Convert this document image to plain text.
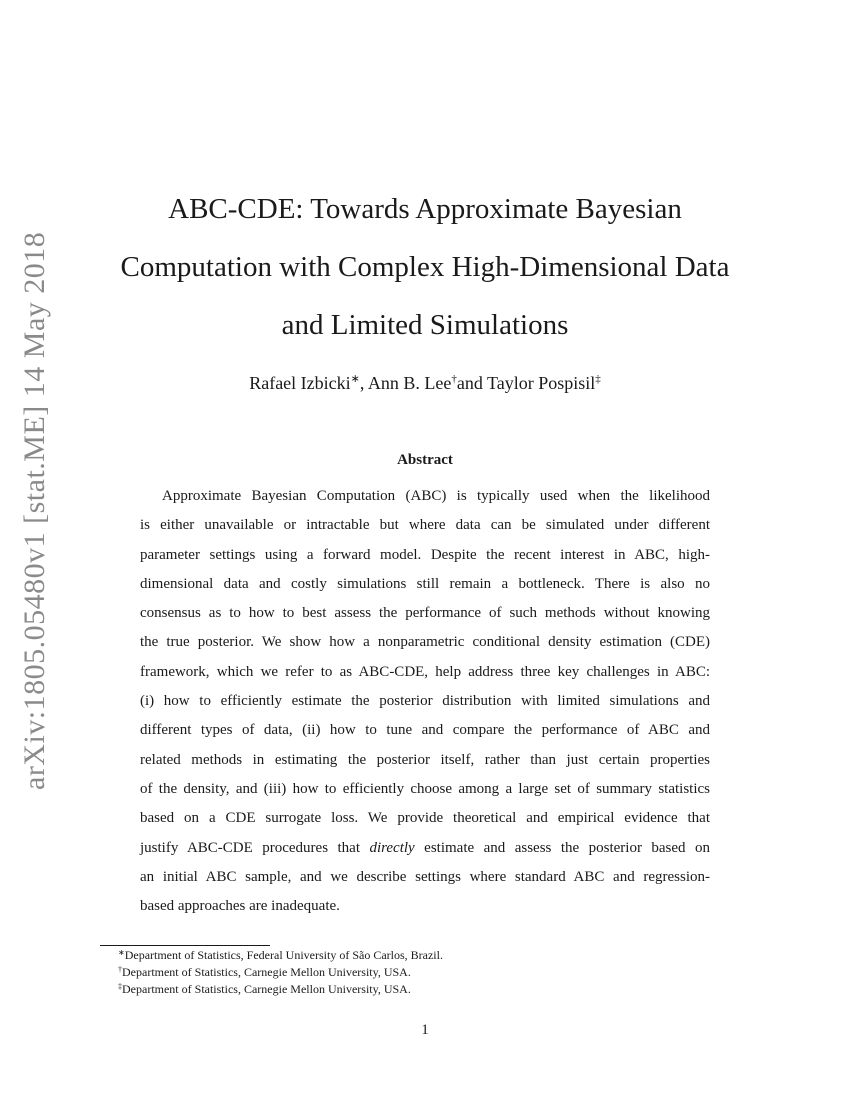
arXiv:1805.05480v1 [stat.ME] 14 May 2018
ABC-CDE: Towards Approximate Bayesian
Computation with Complex High-Dimensional Data
and Limited Simulations
Rafael Izbicki∗, Ann B. Lee†and Taylor Pospisil‡
Abstract
Approximate Bayesian Computation (ABC) is typically used when the likelihood
is either unavailable or intractable but where data can be simulated under different
parameter settings using a forward model. Despite the recent interest in ABC, high-
dimensional data and costly simulations still remain a bottleneck. There is also no
consensus as to how to best assess the performance of such methods without knowing
the true posterior. We show how a nonparametric conditional density estimation (CDE)
framework, which we refer to as ABC-CDE, help address three key challenges in ABC:
(i) how to efficiently estimate the posterior distribution with limited simulations and
different types of data, (ii) how to tune and compare the performance of ABC and
related methods in estimating the posterior itself, rather than just certain properties
of the density, and (iii) how to efficiently choose among a large set of summary statistics
based on a CDE surrogate loss. We provide theoretical and empirical evidence that
justify ABC-CDE procedures that directly estimate and assess the posterior based on
an initial ABC sample, and we describe settings where standard ABC and regression-
based approaches are inadequate.
∗Department of Statistics, Federal University of São Carlos, Brazil.
†Department of Statistics, Carnegie Mellon University, USA.
‡Department of Statistics, Carnegie Mellon University, USA.
1
